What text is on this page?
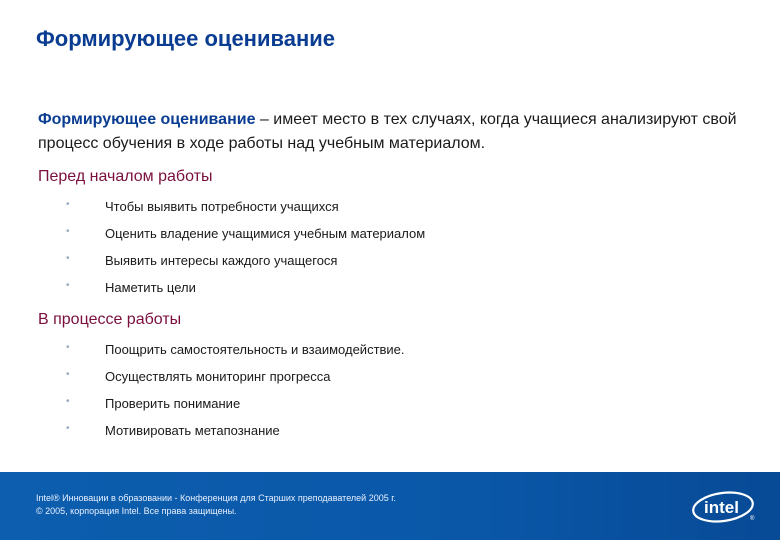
Формирующее оценивание
Формирующее оценивание – имеет место в тех случаях, когда учащиеся анализируют свой процесс обучения в ходе работы над учебным материалом.
Перед началом работы
•	Чтобы выявить потребности учащихся
•	Оценить владение учащимися учебным материалом
•	Выявить интересы каждого учащегося
•	Наметить цели
В процессе работы
•	Поощрить самостоятельность и взаимодействие.
•	Осуществлять мониторинг прогресса
•	Проверить понимание
•	Мотивировать метапознание
Intel® Инновации в образовании - Конференция для Старших преподавателей 2005 г.
© 2005, корпорация Intel. Все права защищены.	intel
®
